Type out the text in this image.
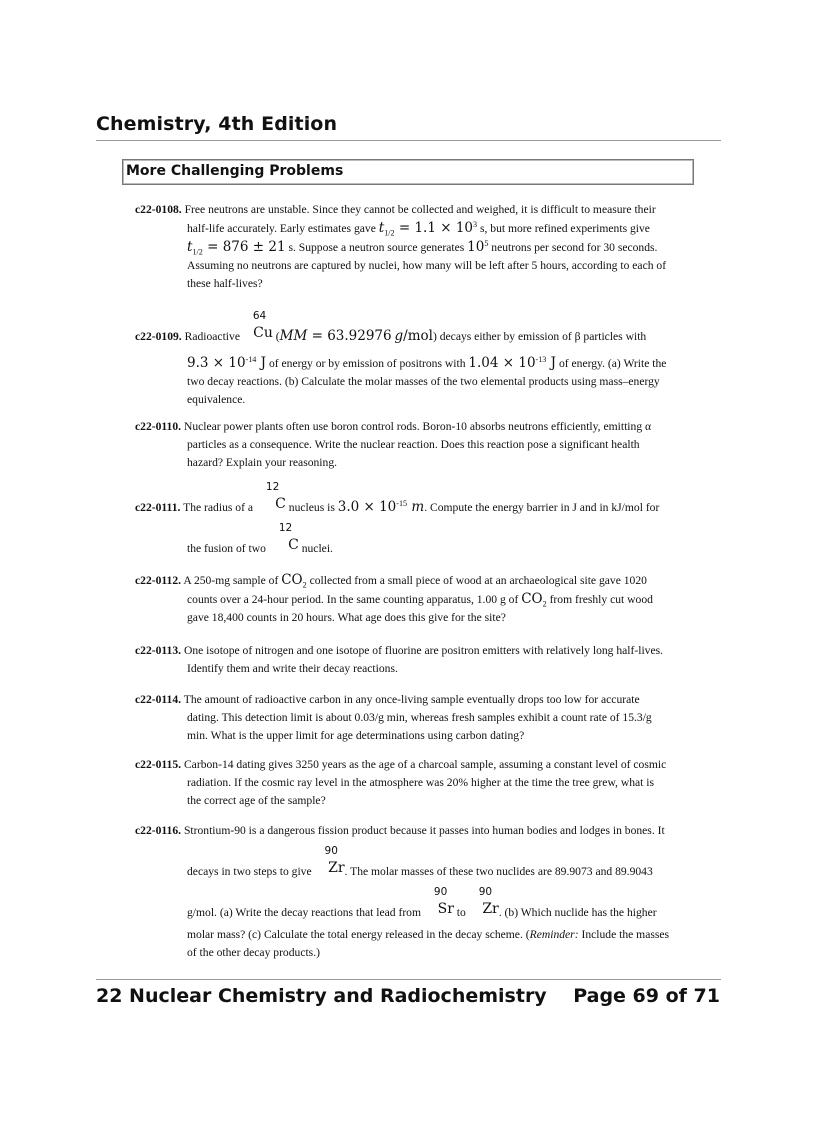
Chemistry, 4th Edition
More Challenging Problems
c22-0108. Free neutrons are unstable. Since they cannot be collected and weighed, it is difficult to measure their
half-life accurately. Early estimates gave $t_{1/2} = 1.1 \times 10^3$ s, but more refined experiments give
$t_{1/2} = 876 \pm 21$ s. Suppose a neutron source generates $10^5$ neutrons per second for 30 seconds.
Assuming no neutrons are captured by nuclei, how many will be left after 5 hours, according to each of
these half-lives?
c22-0109. Radioactive
64
Cu (MM = 63.92976 g/mol) decays either by emission of β particles with
$9.3 \times 10^{-14}$ J of energy or by emission of positrons with $1.04 \times 10^{-13}$ J of energy. (a) Write the
two decay reactions. (b) Calculate the molar masses of the two elemental products using mass–energy
equivalence.
c22-0110. Nuclear power plants often use boron control rods. Boron-10 absorbs neutrons efficiently, emitting α
particles as a consequence. Write the nuclear reaction. Does this reaction pose a significant health
hazard? Explain your reasoning.
c22-0111. The radius of a
12
C nucleus is $3.0 \times 10^{-15}$ m. Compute the energy barrier in J and in kJ/mol for
the fusion of two
12
C nuclei.
c22-0112. A 250-mg sample of $CO_2$ collected from a small piece of wood at an archaeological site gave 1020
counts over a 24-hour period. In the same counting apparatus, 1.00 g of $CO_2$ from freshly cut wood
gave 18,400 counts in 20 hours. What age does this give for the site?
c22-0113. One isotope of nitrogen and one isotope of fluorine are positron emitters with relatively long half-lives.
Identify them and write their decay reactions.
c22-0114. The amount of radioactive carbon in any once-living sample eventually drops too low for accurate
dating. This detection limit is about 0.03/g min, whereas fresh samples exhibit a count rate of 15.3/g
min. What is the upper limit for age determinations using carbon dating?
c22-0115. Carbon-14 dating gives 3250 years as the age of a charcoal sample, assuming a constant level of cosmic
radiation. If the cosmic ray level in the atmosphere was 20% higher at the time the tree grew, what is
the correct age of the sample?
c22-0116. Strontium-90 is a dangerous fission product because it passes into human bodies and lodges in bones. It
decays in two steps to give
90
Zr . The molar masses of these two nuclides are 89.9073 and 89.9043
g/mol. (a) Write the decay reactions that lead from
90
Sr to
90
Zr . (b) Which nuclide has the higher
molar mass? (c) Calculate the total energy released in the decay scheme. (Reminder: Include the masses
of the other decay products.)
22 Nuclear Chemistry and Radiochemistry Page 69 of 71
